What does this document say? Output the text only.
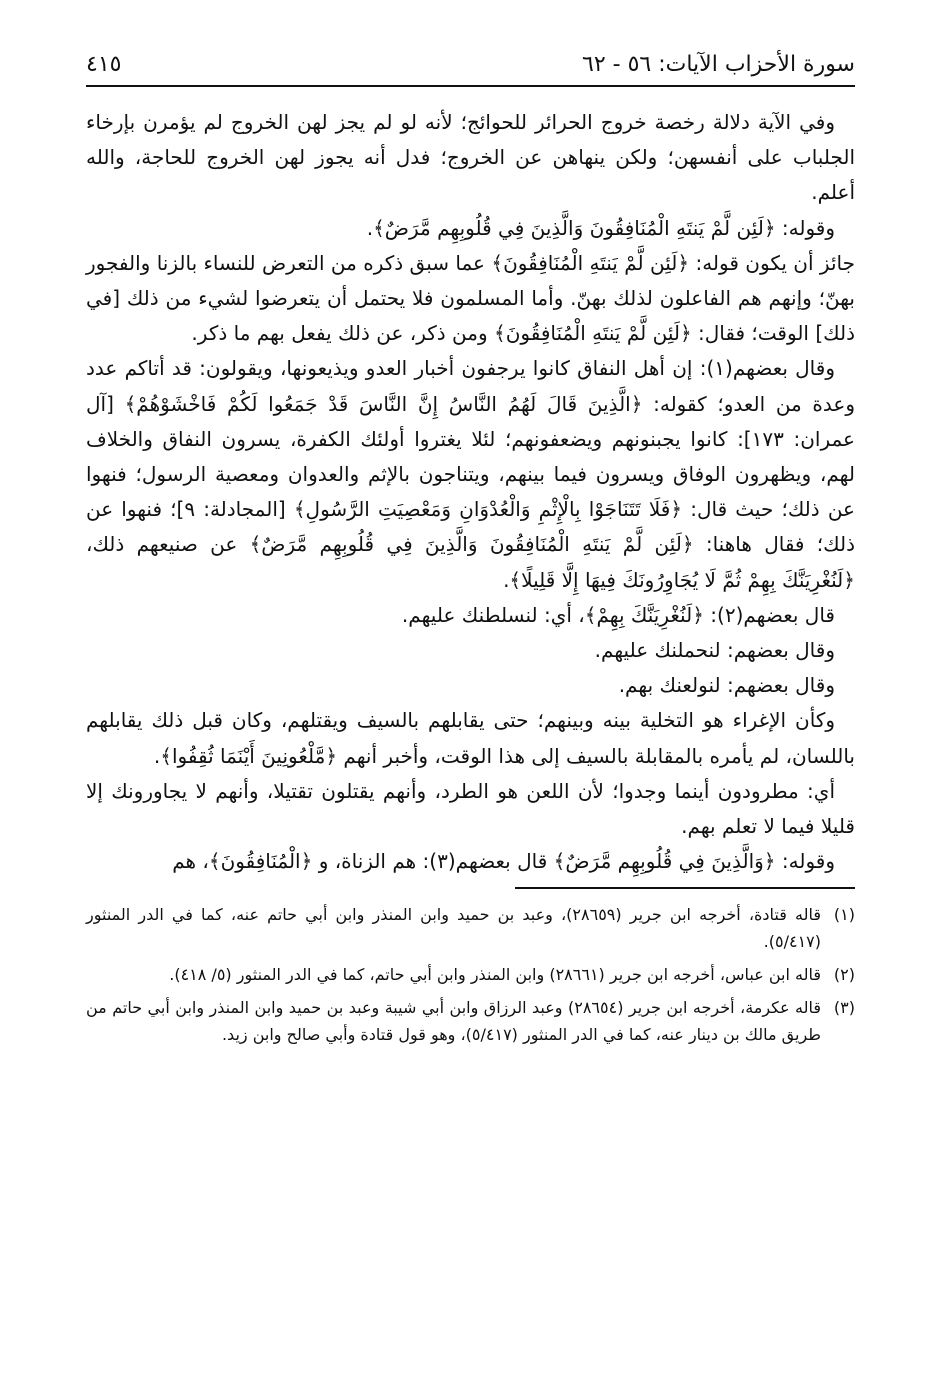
سورة الأحزاب الآيات: ٥٦ - ٦٢
٤١٥

وفي الآية دلالة رخصة خروج الحرائر للحوائج؛ لأنه لو لم يجز لهن الخروج لم يؤمرن بإرخاء الجلباب على أنفسهن؛ ولكن ينهاهن عن الخروج؛ فدل أنه يجوز لهن الخروج للحاجة، والله أعلم.

وقوله: ﴿لَئِن لَّمْ يَنتَهِ الْمُنَافِقُونَ وَالَّذِينَ فِي قُلُوبِهِم مَّرَضٌ﴾.

جائز أن يكون قوله: ﴿لَئِن لَّمْ يَنتَهِ الْمُنَافِقُونَ﴾ عما سبق ذكره من التعرض للنساء بالزنا والفجور بهنّ؛ وإنهم هم الفاعلون لذلك بهنّ. وأما المسلمون فلا يحتمل أن يتعرضوا لشيء من ذلك [في ذلك] الوقت؛ فقال: ﴿لَئِن لَّمْ يَنتَهِ الْمُنَافِقُونَ﴾ ومن ذكر، عن ذلك يفعل بهم ما ذكر.

وقال بعضهم(١): إن أهل النفاق كانوا يرجفون أخبار العدو ويذيعونها، ويقولون: قد أتاكم عدد وعدة من العدو؛ كقوله: ﴿الَّذِينَ قَالَ لَهُمُ النَّاسُ إِنَّ النَّاسَ قَدْ جَمَعُوا لَكُمْ فَاخْشَوْهُمْ﴾ [آل عمران: ١٧٣]: كانوا يجبنونهم ويضعفونهم؛ لئلا يغتروا أولئك الكفرة، يسرون النفاق والخلاف لهم، ويظهرون الوفاق ويسرون فيما بينهم، ويتناجون بالإثم والعدوان ومعصية الرسول؛ فنهوا عن ذلك؛ حيث قال: ﴿فَلَا تَتَنَاجَوْا بِالْإِثْمِ وَالْعُدْوَانِ وَمَعْصِيَتِ الرَّسُولِ﴾ [المجادلة: ٩]؛ فنهوا عن ذلك؛ فقال هاهنا: ﴿لَئِن لَّمْ يَنتَهِ الْمُنَافِقُونَ وَالَّذِينَ فِي قُلُوبِهِم مَّرَضٌ﴾ عن صنيعهم ذلك، ﴿لَنُغْرِيَنَّكَ بِهِمْ ثُمَّ لَا يُجَاوِرُونَكَ فِيهَا إِلَّا قَلِيلًا﴾.

قال بعضهم(٢): ﴿لَنُغْرِيَنَّكَ بِهِمْ﴾، أي: لنسلطنك عليهم.

وقال بعضهم: لنحملنك عليهم.

وقال بعضهم: لنولعنك بهم.

وكأن الإغراء هو التخلية بينه وبينهم؛ حتى يقابلهم بالسيف ويقتلهم، وكان قبل ذلك يقابلهم باللسان، لم يأمره بالمقابلة بالسيف إلى هذا الوقت، وأخبر أنهم ﴿مَّلْعُونِينَ أَيْنَمَا ثُقِفُوا﴾.

أي: مطرودون أينما وجدوا؛ لأن اللعن هو الطرد، وأنهم يقتلون تقتيلا، وأنهم لا يجاورونك إلا قليلا فيما لا تعلم بهم.

وقوله: ﴿وَالَّذِينَ فِي قُلُوبِهِم مَّرَضٌ﴾ قال بعضهم(٣): هم الزناة، و ﴿الْمُنَافِقُونَ﴾، هم

(١)
قاله قتادة، أخرجه ابن جرير (٢٨٦٥٩)، وعبد بن حميد وابن المنذر وابن أبي حاتم عنه، كما في الدر المنثور (٥/٤١٧).
(٢)
قاله ابن عباس، أخرجه ابن جرير (٢٨٦٦١) وابن المنذر وابن أبي حاتم، كما في الدر المنثور (٥/ ٤١٨).
(٣)
قاله عكرمة، أخرجه ابن جرير (٢٨٦٥٤) وعبد الرزاق وابن أبي شيبة وعبد بن حميد وابن المنذر وابن أبي حاتم من طريق مالك بن دينار عنه، كما في الدر المنثور (٥/٤١٧)، وهو قول قتادة وأبي صالح وابن زيد.
